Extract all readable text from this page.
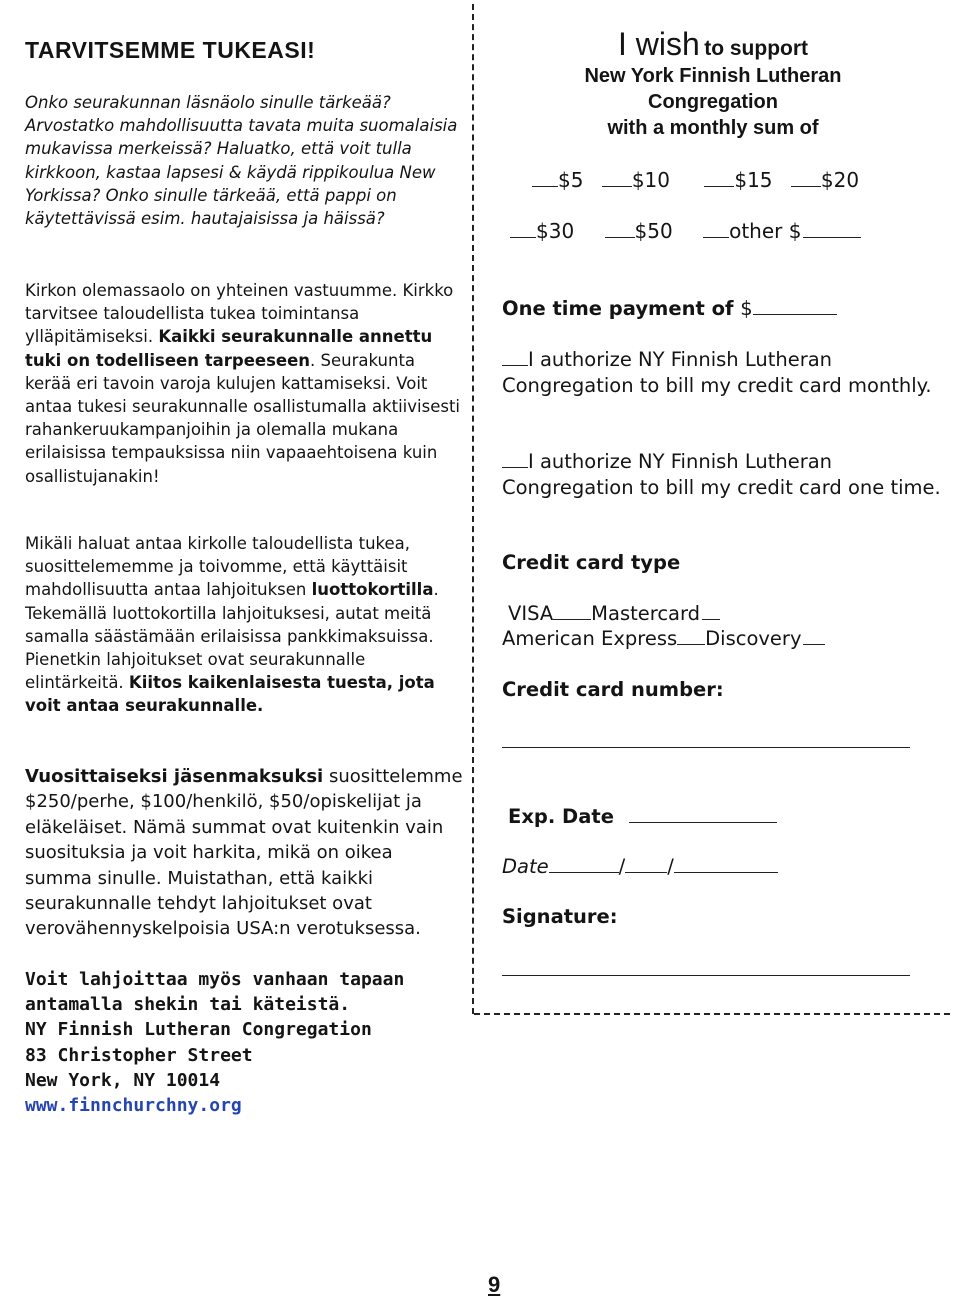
TARVITSEMME TUKEASI!

Onko seurakunnan läsnäolo sinulle tärkeää? Arvostatko mahdollisuutta tavata muita suomalaisia mukavissa merkeissä? Haluatko, että voit tulla kirkkoon, kastaa lapsesi & käydä rippikoulua New Yorkissa? Onko sinulle tärkeää, että pappi on käytettävissä esim. hautajaisissa ja häissä?

Kirkon olemassaolo on yhteinen vastuumme. Kirkko tarvitsee taloudellista tukea toimintansa ylläpitämiseksi. Kaikki seurakunnalle annettu tuki on todelliseen tarpeeseen. Seurakunta kerää eri tavoin varoja kulujen kattamiseksi. Voit antaa tukesi seurakunnalle osallistumalla aktiivisesti rahankeruukampanjoihin ja olemalla mukana erilaisissa tempauksissa niin vapaaehtoisena kuin osallistujanakin!

Mikäli haluat antaa kirkolle taloudellista tukea, suosittelememme ja toivomme, että käyttäisit mahdollisuutta antaa lahjoituksen luottokortilla. Tekemällä luottokortilla lahjoituksesi, autat meitä samalla säästämään erilaisissa pankkimaksuissa. Pienetkin lahjoitukset ovat seurakunnalle elintärkeitä. Kiitos kaikenlaisesta tuesta, jota voit antaa seurakunnalle.

Vuosittaiseksi jäsenmaksuksi suosittelemme $250/perhe, $100/henkilö, $50/opiskelijat ja eläkeläiset. Nämä summat ovat kuitenkin vain suosituksia ja voit harkita, mikä on oikea summa sinulle. Muistathan, että kaikki seurakunnalle tehdyt lahjoitukset ovat verovähennyskelpoisia USA:n verotuksessa.

Voit lahjoittaa myös vanhaan tapaan
antamalla shekin tai käteistä.
NY Finnish Lutheran Congregation
83 Christopher Street
New York, NY 10014
www.finnchurchny.org
I wish to support
New York Finnish Lutheran
Congregation
with a monthly sum of
$5 $10	$15 $20
$30	$50	other $
One time payment of $
I authorize NY Finnish Lutheran Congregation to bill my credit card monthly.
I authorize NY Finnish Lutheran Congregation to bill my credit card one time.
Credit card type
VISA Mastercard
American Express Discovery
Credit card number:
Exp. Date
Date	/ /
Signature:
9
